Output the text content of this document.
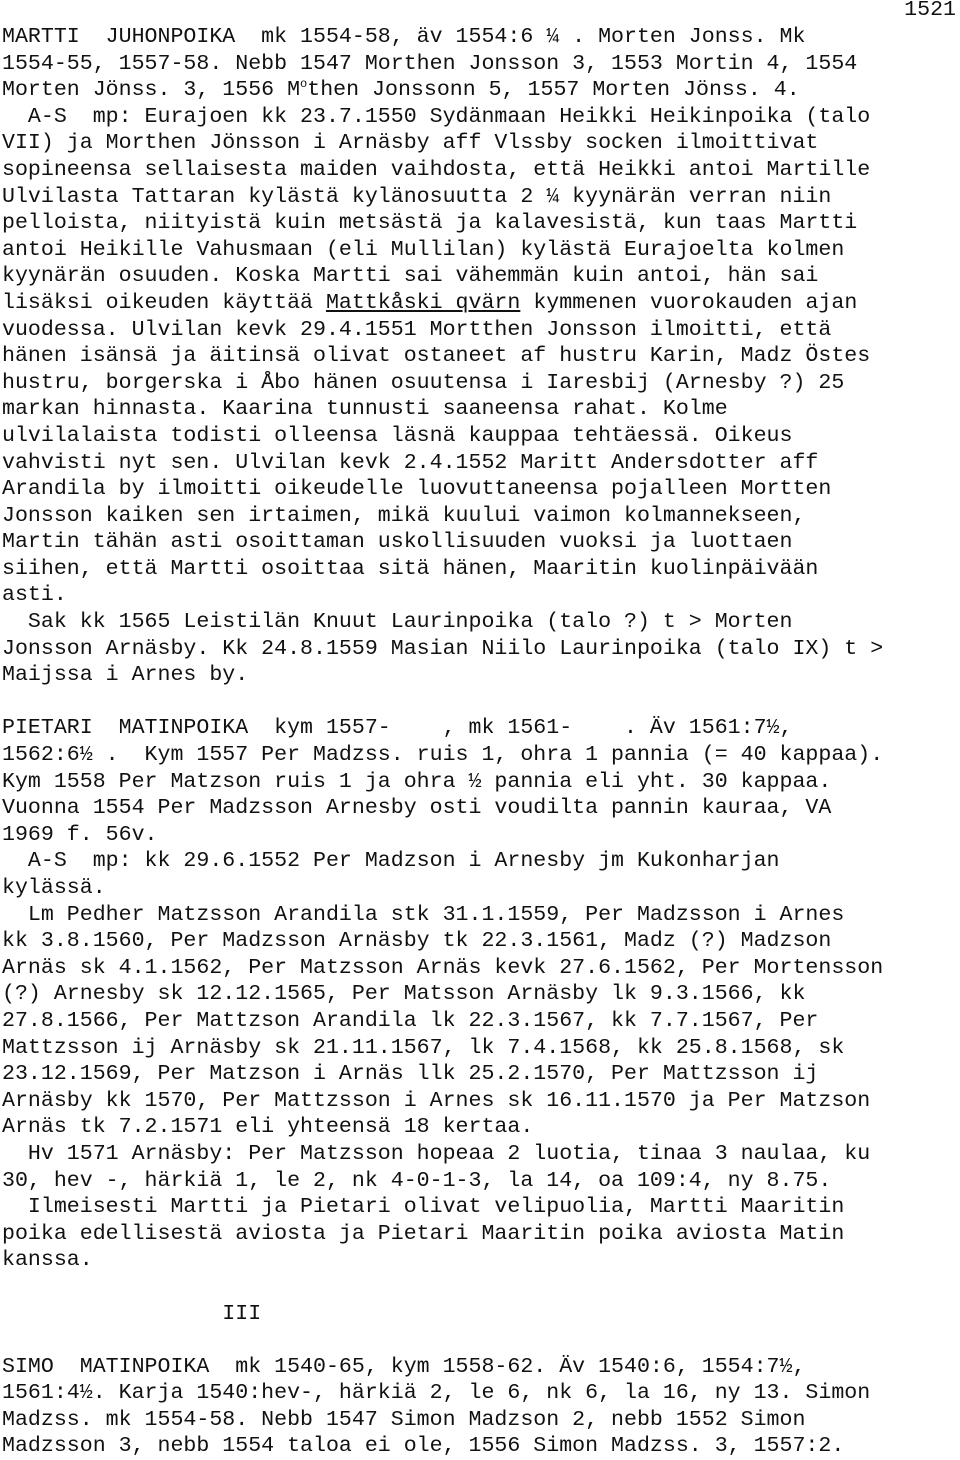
1521
MARTTI  JUHONPOIKA  mk 1554-58, äv 1554:6 ¼ . Morten Jonss. Mk
1554-55, 1557-58. Nebb 1547 Morthen Jonsson 3, 1553 Mortin 4, 1554
Morten Jönss. 3, 1556 $M^othen$ Jonssonn 5, 1557 Morten Jönss. 4.
A-S  mp: Eurajoen kk 23.7.1550 Sydänmaan Heikki Heikinpoika (talo
VII) ja Morthen Jönsson i Arnäsby aff Vlssby socken ilmoittivat
sopineensa sellaisesta maiden vaihdosta, että Heikki antoi Martille
Ulvilasta Tattaran kylästä kylänosuutta 2 ¼ kyynärän verran niin
pelloista, niityistä kuin metsästä ja kalavesistä, kun taas Martti
antoi Heikille Vahusmaan (eli Mullilan) kylästä Eurajoelta kolmen
kyynärän osuuden. Koska Martti sai vähemmän kuin antoi, hän sai
lisäksi oikeuden käyttää Mattkåski qvärn kymmenen vuorokauden ajan
vuodessa. Ulvilan kevk 29.4.1551 Mortthen Jonsson ilmoitti, että
hänen isänsä ja äitinsä olivat ostaneet af hustru Karin, Madz Östes
hustru, borgerska i Åbo hänen osuutensa i Iaresbij (Arnesby ?) 25
markan hinnasta. Kaarina tunnusti saaneensa rahat. Kolme
ulvilalaista todisti olleensa läsnä kauppaa tehtäessä. Oikeus
vahvisti nyt sen. Ulvilan kevk 2.4.1552 Maritt Andersdotter aff
Arandila by ilmoitti oikeudelle luovuttaneensa pojalleen Mortten
Jonsson kaiken sen irtaimen, mikä kuului vaimon kolmannekseen,
Martin tähän asti osoittaman uskollisuuden vuoksi ja luottaen
siihen, että Martti osoittaa sitä hänen, Maaritin kuolinpäivään
asti.
Sak kk 1565 Leistilän Knuut Laurinpoika (talo ?) t > Morten
Jonsson Arnäsby. Kk 24.8.1559 Masian Niilo Laurinpoika (talo IX) t >
Maijssa i Arnes by.
PIETARI  MATINPOIKA  kym 1557-    , mk 1561-    . Äv 1561:7½,
1562:6½ .  Kym 1557 Per Madzss. ruis 1, ohra 1 pannia (= 40 kappaa).
Kym 1558 Per Matzson ruis 1 ja ohra ½ pannia eli yht. 30 kappaa.
Vuonna 1554 Per Madzsson Arnesby osti voudilta pannin kauraa, VA
1969 f. 56v.
A-S  mp: kk 29.6.1552 Per Madzson i Arnesby jm Kukonharjan
kylässä.
Lm Pedher Matzsson Arandila stk 31.1.1559, Per Madzsson i Arnes
kk 3.8.1560, Per Madzsson Arnäsby tk 22.3.1561, Madz (?) Madzson
Arnäs sk 4.1.1562, Per Matzsson Arnäs kevk 27.6.1562, Per Mortensson
(?) Arnesby sk 12.12.1565, Per Matsson Arnäsby lk 9.3.1566, kk
27.8.1566, Per Mattzson Arandila lk 22.3.1567, kk 7.7.1567, Per
Mattzsson ij Arnäsby sk 21.11.1567, lk 7.4.1568, kk 25.8.1568, sk
23.12.1569, Per Matzson i Arnäs llk 25.2.1570, Per Mattzsson ij
Arnäsby kk 1570, Per Mattzsson i Arnes sk 16.11.1570 ja Per Matzson
Arnäs tk 7.2.1571 eli yhteensä 18 kertaa.
Hv 1571 Arnäsby: Per Matzsson hopeaa 2 luotia, tinaa 3 naulaa, ku
30, hev -, härkiä 1, le 2, nk 4-0-1-3, la 14, oa 109:4, ny 8.75.
Ilmeisesti Martti ja Pietari olivat velipuolia, Martti Maaritin
poika edellisestä aviosta ja Pietari Maaritin poika aviosta Matin
kanssa.
III
SIMO  MATINPOIKA  mk 1540-65, kym 1558-62. Äv 1540:6, 1554:7½,
1561:4½. Karja 1540:hev-, härkiä 2, le 6, nk 6, la 16, ny 13. Simon
Madzss. mk 1554-58. Nebb 1547 Simon Madzson 2, nebb 1552 Simon
Madzsson 3, nebb 1554 taloa ei ole, 1556 Simon Madzss. 3, 1557:2.
